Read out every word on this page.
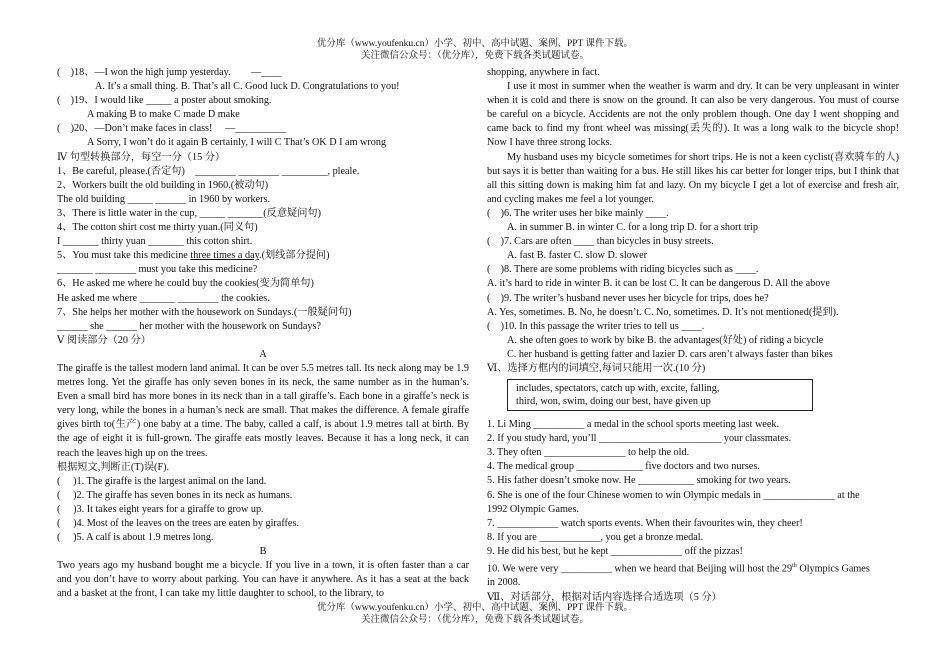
优分库（www.youfenku.cn）小学、初中、高中试题、案例、PPT 课件下载。
关注微信公众号：（优分库），免费下载各类试题试卷。
(　)18、—I won the high jump yesterday.　　—____
A. It’s a small thing. B. That’s all C. Good luck D. Congratulations to you!
(　)19、I would like _____ a poster about smoking.
A making B to make C made D make
(　)20、—Don’t make faces in class!　 —__________
A Sorry, I won’t do it again B certainly, I will C That’s OK D I am wrong
Ⅳ 句型转换部分，每空一分（15 分）
1、Be careful, please.(否定句)　________ ________ _________, pleale.
2、Workers built the old building in 1960.(被动句)
The old building _____ ______ in 1960 by workers.
3、There is little water in the cup, _____ _______(反意疑问句)
4、The cotton shirt cost me thirty yuan.(同义句)
I _______ thirty yuan _______ this cotton shirt.
5、You must take this medicine three times a day.(划线部分提问)
_______ ________ must you take this medicine?
6、He asked me where he could buy the cookies(变为简单句)
He asked me where _______ ________ the cookies.
7、She helps her mother with the housework on Sundays.(一般疑问句)
______ she ______ her mother with the housework on Sundays?
Ⅴ 阅读部分（20 分）
A
The giraffe is the tallest modern land animal. It can be over 5.5 metres tall. Its neck along may be 1.9 metres long. Yet the giraffe has only seven bones in its neck, the same number as in the human’s. Even a small bird has more bones in its neck than in a tall giraffe’s. Each bone in a giraffe’s neck is very long, while the bones in a human’s neck are small. That makes the difference. A female giraffe gives birth to(生产) one baby at a time. The baby, called a calf, is about 1.9 metres tall at birth. By the age of eight it is full-grown. The giraffe eats mostly leaves. Because it has a long neck, it can reach the leaves high up on the trees.
根据短文,判断正(T)误(F).
(　 )1. The giraffe is the largest animal on the land.
(　 )2. The giraffe has seven bones in its neck as humans.
(　 )3. It takes eight years for a giraffe to grow up.
(　 )4. Most of the leaves on the trees are eaten by giraffes.
(　 )5. A calf is about 1.9 metres long.
B
Two years ago my husband bought me a bicycle. If you live in a town, it is often faster than a car and you don’t have to worry about parking. You can have it anywhere. As it has a seat at the back and a basket at the front, I can take my little daughter to school, to the library, to
shopping, anywhere in fact.
I use it most in summer when the weather is warm and dry. It can be very unpleasant in winter when it is cold and there is snow on the ground. It can also be very dangerous. You must of course be careful on a bicycle. Accidents are not the only problem though. One day I went shopping and came back to find my front wheel was missing(丢失的). It was a long walk to the bicycle shop! Now I have three strong locks.
My husband uses my bicycle sometimes for short trips. He is not a keen cyclist(喜欢骑车的人) but says it is better than waiting for a bus. He still likes his car better for longer trips, but I think that all this sitting down is making him fat and lazy. On my bicycle I get a lot of exercise and fresh air, and cycling makes me feel a lot younger.
(　)6. The writer uses her bike mainly ____.
A. in summer B. in winter C. for a long trip D. for a short trip
(　)7. Cars are often ____ than bicycles in busy streets.
A. fast B. faster C. slow D. slower
(　)8. There are some problems with riding bicycles such as ____.
A. it’s hard to ride in winter B. it can be lost C. It can be dangerous D. All the above
(　)9. The writer’s husband never uses her bicycle for trips, does he?
A. Yes, sometimes. B. No, he doesn’t. C. No, sometimes. D. It’s not mentioned(提到).
(　)10. In this passage the writer tries to tell us ____.
A. she often goes to work by bike B. the advantages(好处) of riding a bicycle
C. her husband is getting fatter and lazier D. cars aren’t always faster than bikes
Ⅵ、选择方框内的词填空,每词只能用一次.(10 分)
includes, spectators, catch up with, excite, falling,
third, won, swim, doing our best, have given up
1. Li Ming __________ a medal in the school sports meeting last week.
2. If you study hard, you’ll ________________________ your classmates.
3. They often ________________ to help the old.
4. The medical group _____________ five doctors and two nurses.
5. His father doesn’t smoke now. He ___________ smoking for two years.
6. She is one of the four Chinese women to win Olympic medals in ______________ at the
1992 Olympic Games.
7. ____________ watch sports events. When their favourites win, they cheer!
8. If you are ____________, you get a bronze medal.
9. He did his best, but he kept ______________ off the pizzas!
10. We were very __________ when we heard that Beijing will host the 29th Olympics Games
in 2008.
Ⅶ、对话部分，根据对话内容选择合适选项（5 分）
优分库（www.youfenku.cn）小学、初中、高中试题、案例、PPT 课件下载。
关注微信公众号：（优分库），免费下载各类试题试卷。
